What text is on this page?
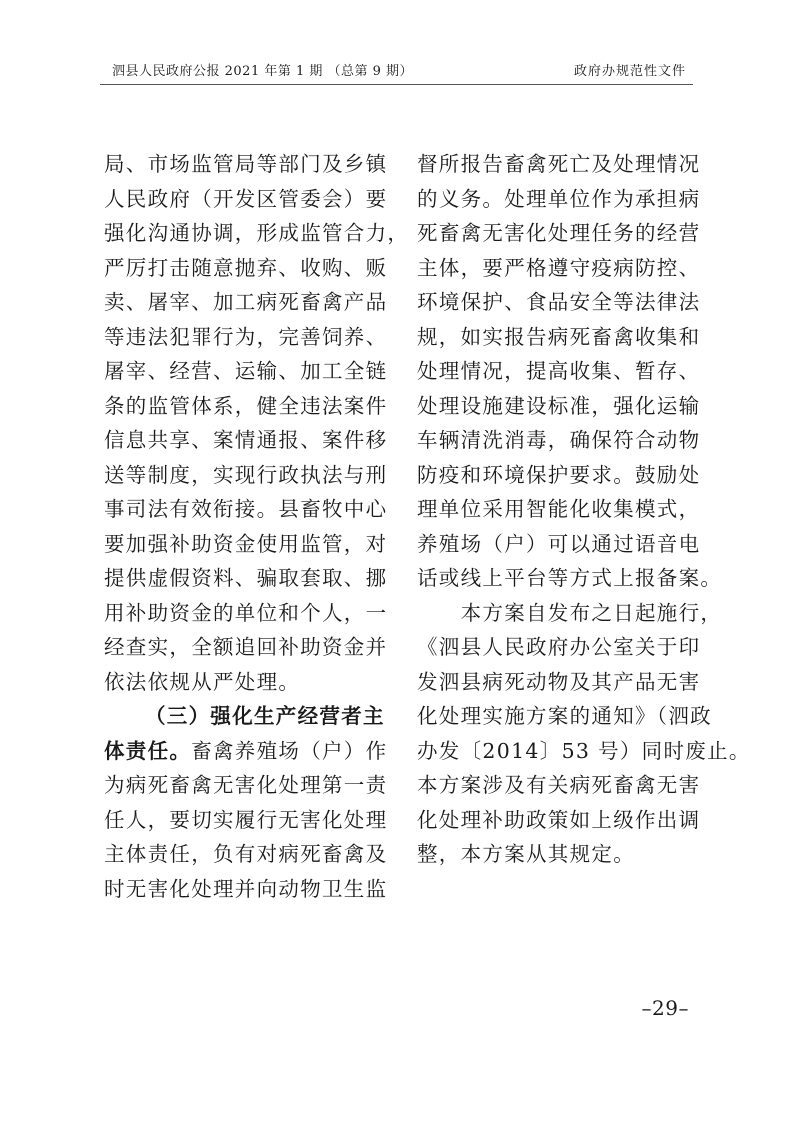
泗县人民政府公报 2021 年第 1 期 （总第 9 期）	政府办规范性文件
局、市场监管局等部门及乡镇
人民政府（开发区管委会）要
强化沟通协调，形成监管合力，
严厉打击随意抛弃、收购、贩
卖、屠宰、加工病死畜禽产品
等违法犯罪行为，完善饲养、
屠宰、经营、运输、加工全链
条的监管体系，健全违法案件
信息共享、案情通报、案件移
送等制度，实现行政执法与刑
事司法有效衔接。县畜牧中心
要加强补助资金使用监管，对
提供虚假资料、骗取套取、挪
用补助资金的单位和个人，一
经查实，全额追回补助资金并
依法依规从严处理。
（三）强化生产经营者主
体责任。畜禽养殖场（户）作
为病死畜禽无害化处理第一责
任人，要切实履行无害化处理
主体责任，负有对病死畜禽及
时无害化处理并向动物卫生监
督所报告畜禽死亡及处理情况
的义务。处理单位作为承担病
死畜禽无害化处理任务的经营
主体，要严格遵守疫病防控、
环境保护、食品安全等法律法
规，如实报告病死畜禽收集和
处理情况，提高收集、暂存、
处理设施建设标准，强化运输
车辆清洗消毒，确保符合动物
防疫和环境保护要求。鼓励处
理单位采用智能化收集模式，
养殖场（户）可以通过语音电
话或线上平台等方式上报备案。
　　本方案自发布之日起施行，
《泗县人民政府办公室关于印
发泗县病死动物及其产品无害
化处理实施方案的通知》（泗政
办发〔2014〕53 号）同时废止。
本方案涉及有关病死畜禽无害
化处理补助政策如上级作出调
整，本方案从其规定。
–29–
